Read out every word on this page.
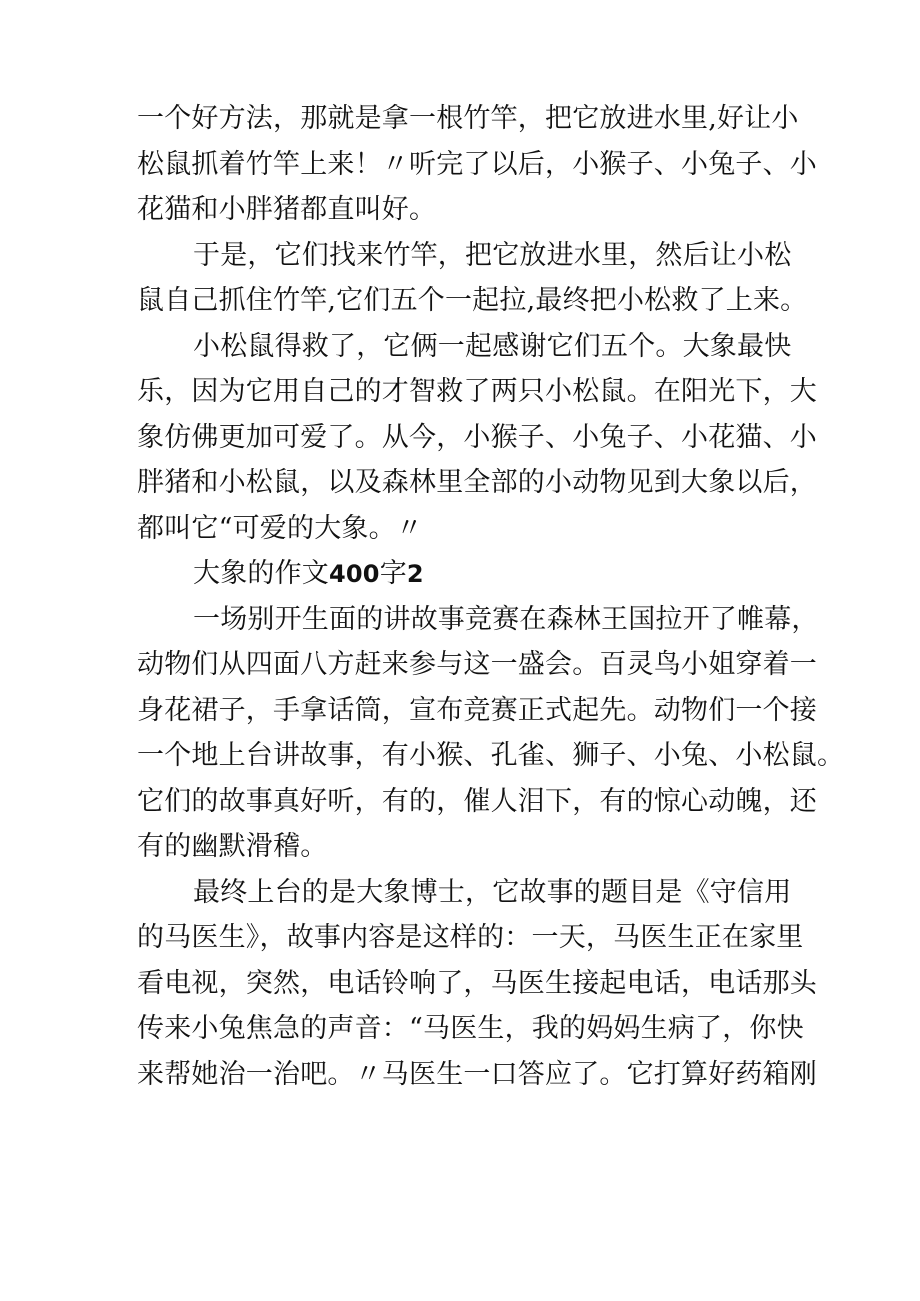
一个好方法，那就是拿一根竹竿，把它放进水里,好让小
松鼠抓着竹竿上来！〃听完了以后，小猴子、小兔子、小
花猫和小胖猪都直叫好。
于是，它们找来竹竿，把它放进水里，然后让小松
鼠自己抓住竹竿,它们五个一起拉,最终把小松救了上来。
小松鼠得救了，它俩一起感谢它们五个。大象最快
乐，因为它用自己的才智救了两只小松鼠。在阳光下，大
象仿佛更加可爱了。从今，小猴子、小兔子、小花猫、小
胖猪和小松鼠，以及森林里全部的小动物见到大象以后，
都叫它“可爱的大象。〃
大象的作文400字2
一场别开生面的讲故事竞赛在森林王国拉开了帷幕，
动物们从四面八方赶来参与这一盛会。百灵鸟小姐穿着一
身花裙子，手拿话筒，宣布竞赛正式起先。动物们一个接
一个地上台讲故事，有小猴、孔雀、狮子、小兔、小松鼠。
它们的故事真好听，有的，催人泪下，有的惊心动魄，还
有的幽默滑稽。
最终上台的是大象博士，它故事的题目是《守信用
的马医生》，故事内容是这样的：一天，马医生正在家里
看电视，突然，电话铃响了，马医生接起电话，电话那头
传来小兔焦急的声音：“马医生，我的妈妈生病了，你快
来帮她治一治吧。〃马医生一口答应了。它打算好药箱刚
